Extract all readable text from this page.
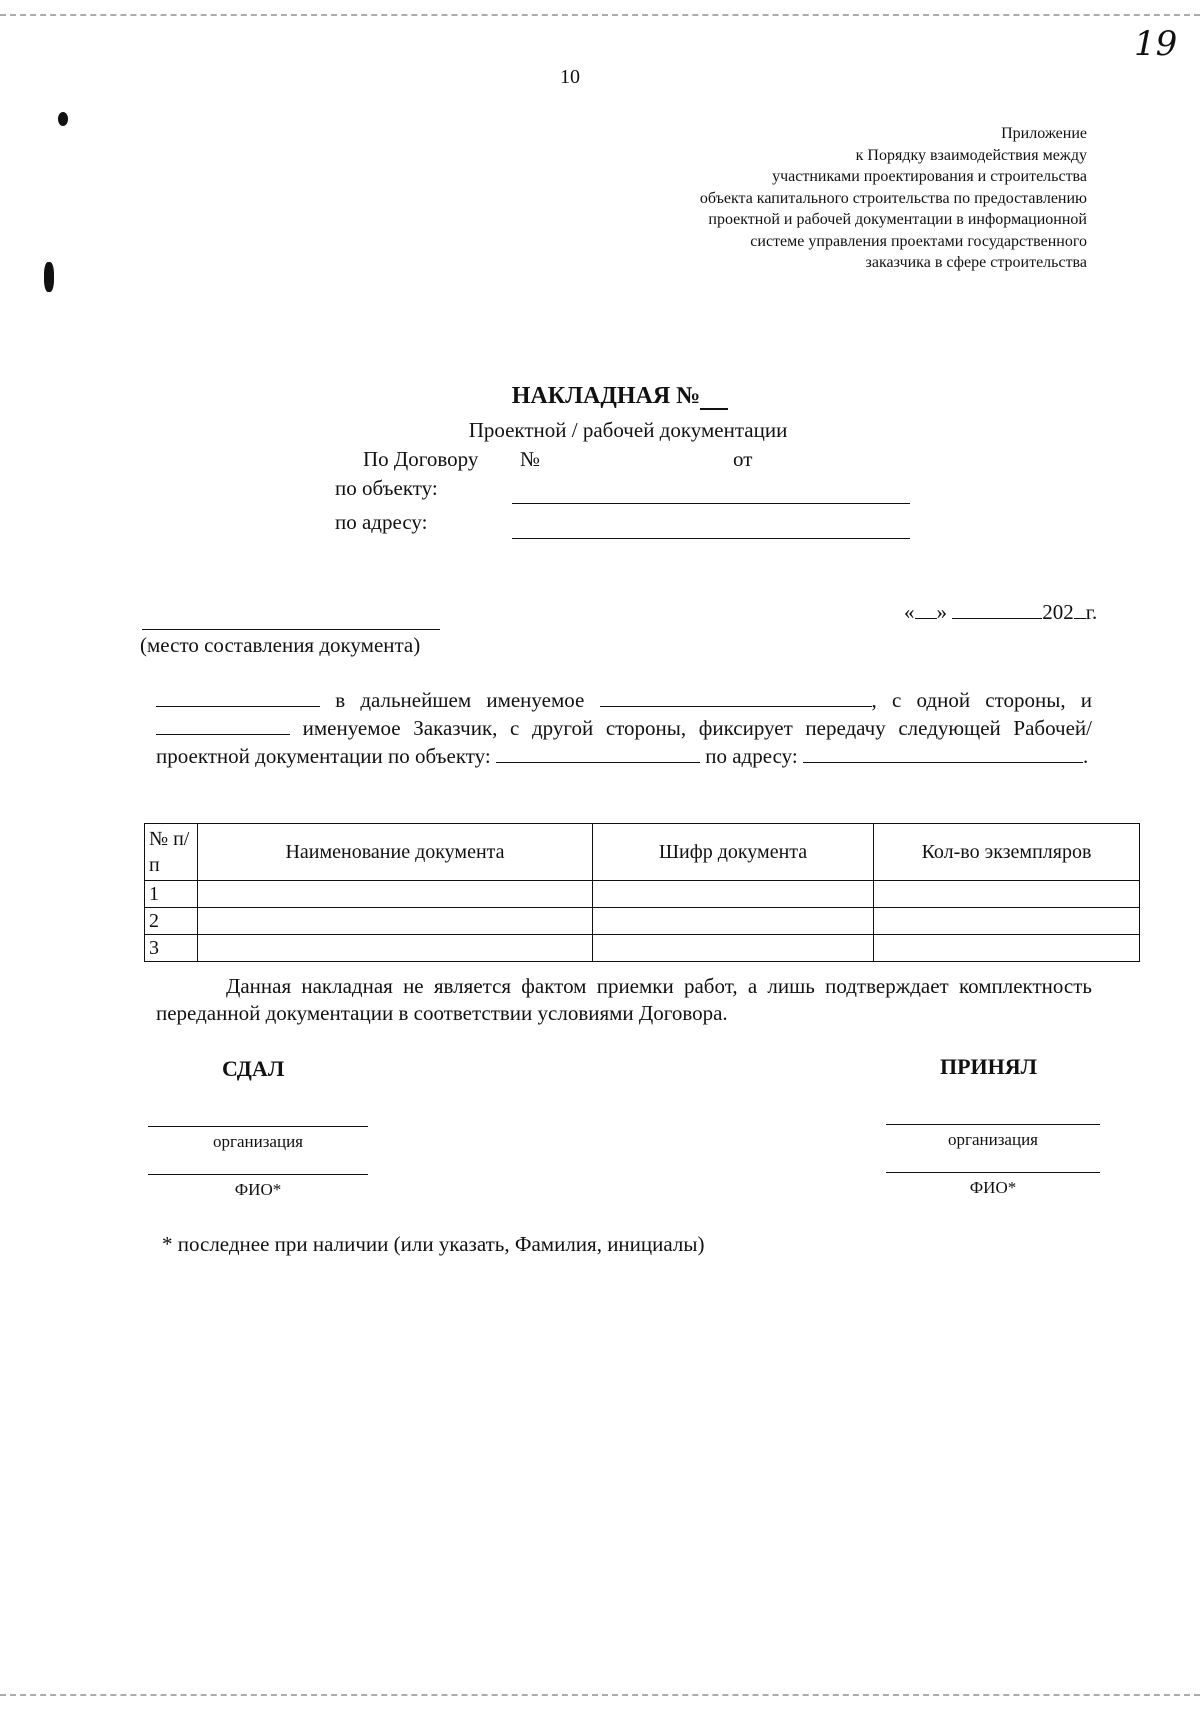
10
19
Приложение
к Порядку взаимодействия между
участниками проектирования и строительства
объекта капитального строительства по предоставлению
проектной и рабочей документации в информационной
системе управления проектами государственного
заказчика в сфере строительства
НАКЛАДНАЯ №
Проектной / рабочей документации
По Договору №	от
по объекту:
по адресу:
(место составления документа)
« »	202 г.
в дальнейшем именуемое	, с одной стороны, и  именуемое Заказчик, с другой стороны, фиксирует передачу следующей Рабочей/проектной документации по объекту:	по адресу:	.
№ п/п	Наименование документа	Шифр документа	Кол-во экземпляров
1			
2			
3			
Данная накладная не является фактом приемки работ, а лишь подтверждает комплектность переданной документации в соответствии условиями Договора.
СДАЛ
организация
ФИО*
ПРИНЯЛ
организация
ФИО*
* последнее при наличии (или указать, Фамилия, инициалы)
